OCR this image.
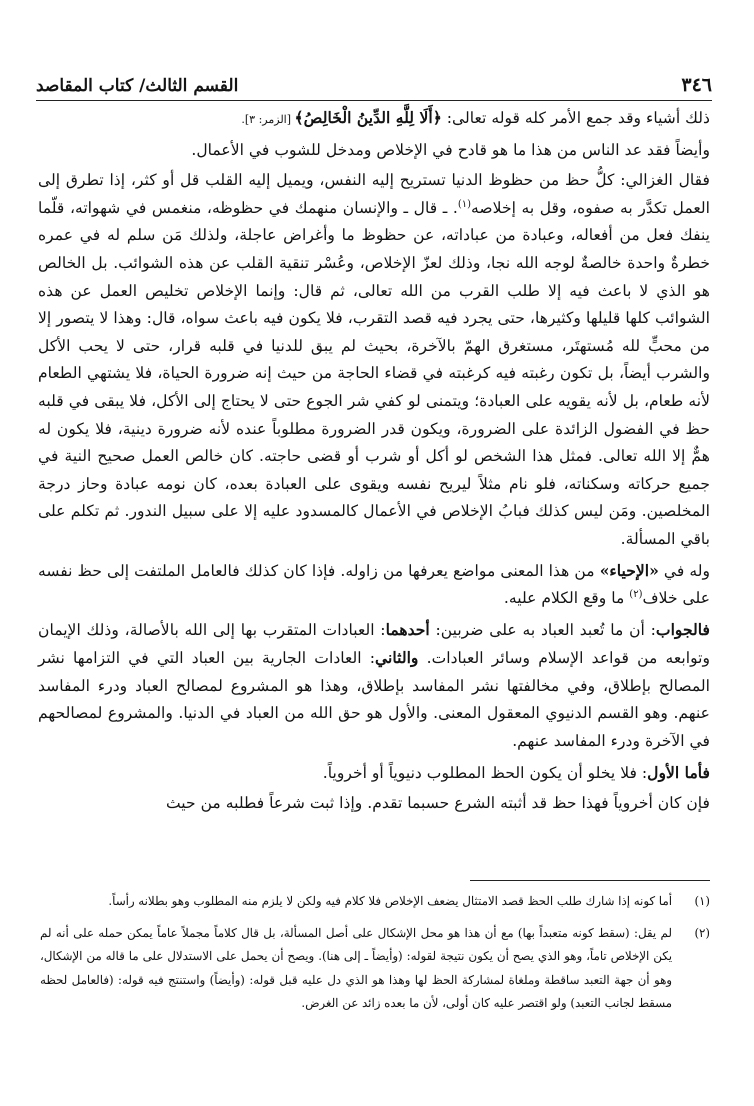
٣٤٦
القسم الثالث/ كتاب المقاصد

ذلك أشياء وقد جمع الأمر كله قوله تعالى: ﴿أَلَا لِلَّهِ الدِّينُ الْخَالِصُ﴾ [الزمر: ٣].

وأيضاً فقد عد الناس من هذا ما هو قادح في الإخلاص ومدخل للشوب في الأعمال.

فقال الغزالي: كلُّ حظ من حظوظ الدنيا تستريح إليه النفس، ويميل إليه القلب قل أو كثر، إذا تطرق إلى العمل تكدَّر به صفوه، وقل به إخلاصه$^{(١)}$. ـ قال ـ والإنسان منهمك في حظوظه، منغمس في شهواته، قلّما ينفك فعل من أفعاله، وعبادة من عباداته، عن حظوظ ما وأغراض عاجلة، ولذلك مَن سلم له في عمره خطرةٌ واحدة خالصةٌ لوجه الله نجا، وذلك لعزّ الإخلاص، وعُسْر تنقية القلب عن هذه الشوائب. بل الخالص هو الذي لا باعث فيه إلا طلب القرب من الله تعالى، ثم قال: وإنما الإخلاص تخليص العمل عن هذه الشوائب كلها قليلها وكثيرها، حتى يجرد فيه قصد التقرب، فلا يكون فيه باعث سواه، قال: وهذا لا يتصور إلا من محبٍّ لله مُستهتَر، مستغرق الهمّ بالآخرة، بحيث لم يبق للدنيا في قلبه قرار، حتى لا يحب الأكل والشرب أيضاً، بل تكون رغبته فيه كرغبته في قضاء الحاجة من حيث إنه ضرورة الحياة، فلا يشتهي الطعام لأنه طعام، بل لأنه يقويه على العبادة؛ ويتمنى لو كفي شر الجوع حتى لا يحتاج إلى الأكل، فلا يبقى في قلبه حظ في الفضول الزائدة على الضرورة، ويكون قدر الضرورة مطلوباً عنده لأنه ضرورة دينية، فلا يكون له همٌّ إلا الله تعالى. فمثل هذا الشخص لو أكل أو شرب أو قضى حاجته. كان خالص العمل صحيح النية في جميع حركاته وسكناته، فلو نام مثلاً ليريح نفسه ويقوى على العبادة بعده، كان نومه عبادة وحاز درجة المخلصين. ومَن ليس كذلك فبابُ الإخلاص في الأعمال كالمسدود عليه إلا على سبيل الندور. ثم تكلم على باقي المسألة.

وله في «الإحياء» من هذا المعنى مواضع يعرفها من زاوله. فإذا كان كذلك فالعامل الملتفت إلى حظ نفسه على خلاف$^{(٢)}$ ما وقع الكلام عليه.

فالجواب: أن ما تُعبد العباد به على ضربين: أحدهما: العبادات المتقرب بها إلى الله بالأصالة، وذلك الإيمان وتوابعه من قواعد الإسلام وسائر العبادات. والثاني: العادات الجارية بين العباد التي في التزامها نشر المصالح بإطلاق، وفي مخالفتها نشر المفاسد بإطلاق، وهذا هو المشروع لمصالح العباد ودرء المفاسد عنهم. وهو القسم الدنيوي المعقول المعنى. والأول هو حق الله من العباد في الدنيا. والمشروع لمصالحهم في الآخرة ودرء المفاسد عنهم.

فأما الأول: فلا يخلو أن يكون الحظ المطلوب دنيوياً أو أخروياً.

فإن كان أخروياً فهذا حظ قد أثبته الشرع حسبما تقدم. وإذا ثبت شرعاً فطلبه من حيث

(١)
أما كونه إذا شارك طلب الحظ قصد الامتثال يضعف الإخلاص فلا كلام فيه ولكن لا يلزم منه المطلوب وهو بطلانه رأساً.
(٢)
لم يقل: (سقط كونه متعبداً بها) مع أن هذا هو محل الإشكال على أصل المسألة، بل قال كلاماً مجملاً عاماً يمكن حمله على أنه لم يكن الإخلاص تاماً، وهو الذي يصح أن يكون نتيجة لقوله: (وأيضاً ـ إلى هنا). ويصح أن يحمل على الاستدلال على ما قاله من الإشكال، وهو أن جهة التعبد ساقطة وملغاة لمشاركة الحظ لها وهذا هو الذي دل عليه قبل قوله: (وأيضاً) واستنتج فيه قوله: (فالعامل لحظه مسقط لجانب التعبد) ولو اقتصر عليه كان أولى، لأن ما بعده زائد عن الغرض.
